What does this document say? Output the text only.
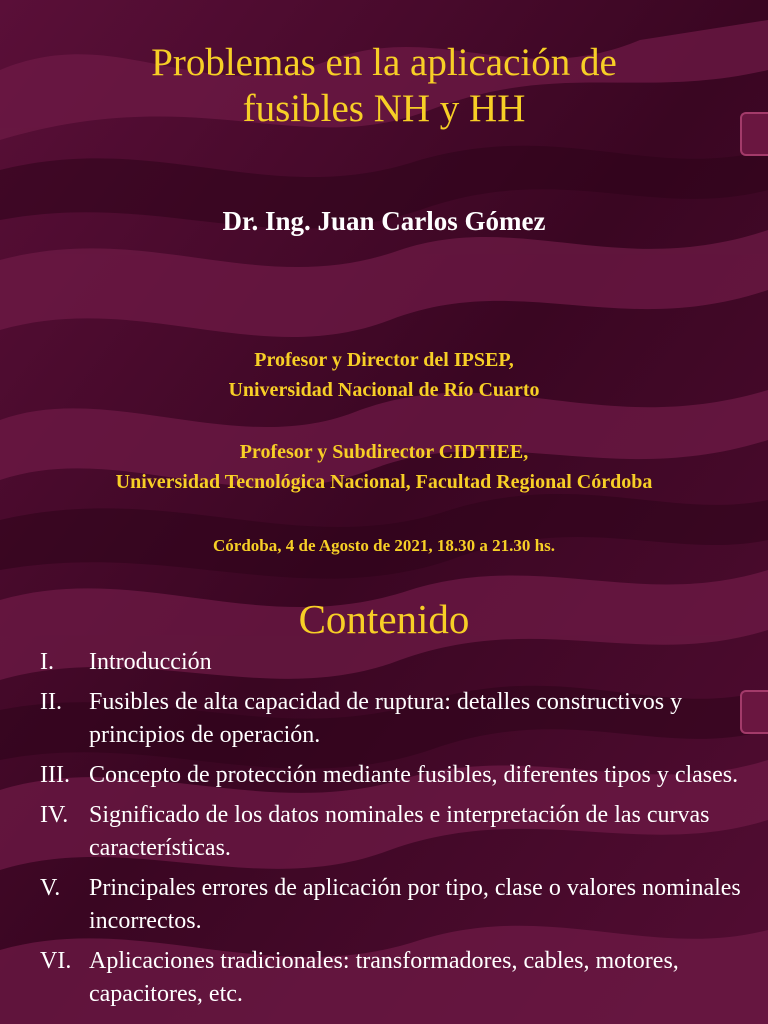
Problemas en la aplicación de
fusibles NH y HH
Dr. Ing. Juan Carlos Gómez
Profesor y Director del IPSEP,
Universidad Nacional de Río Cuarto
Profesor y Subdirector CIDTIEE,
Universidad Tecnológica Nacional, Facultad Regional Córdoba
Córdoba, 4 de Agosto de 2021, 18.30 a 21.30 hs.
Contenido
I. Introducción
II. Fusibles de alta capacidad de ruptura: detalles constructivos y principios de operación.
III. Concepto de protección mediante fusibles, diferentes tipos y clases.
IV. Significado de los datos nominales e interpretación de las curvas características.
V. Principales errores de aplicación por tipo, clase o valores nominales incorrectos.
VI. Aplicaciones tradicionales: transformadores, cables, motores, capacitores, etc.
